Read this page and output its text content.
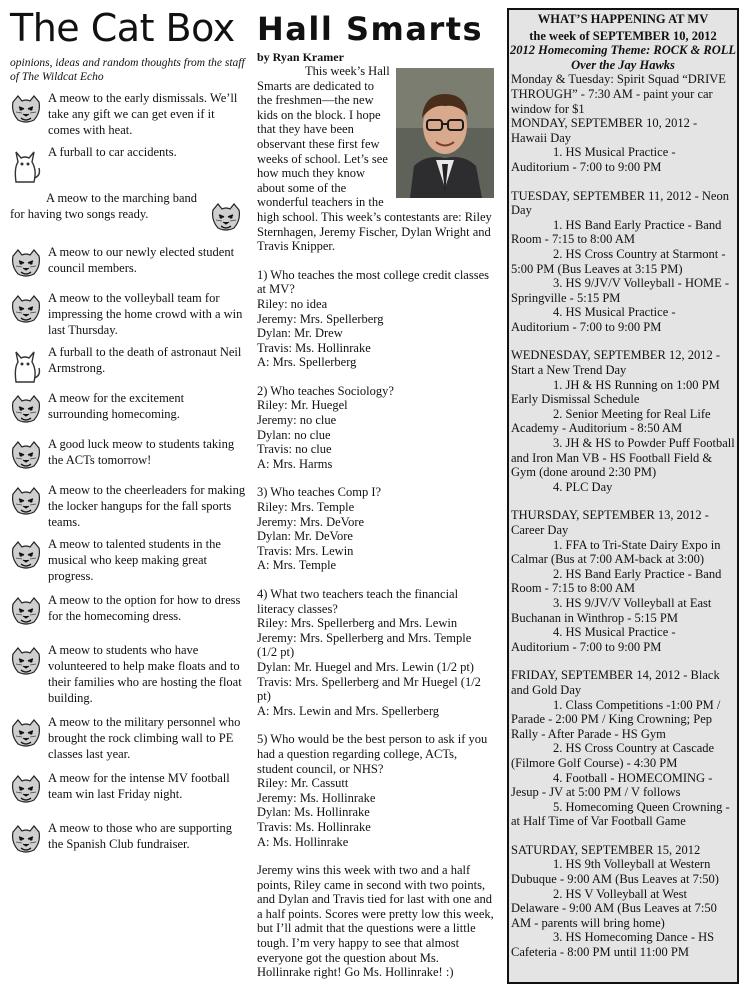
The Cat Box
opinions, ideas and random thoughts from the staff of The Wildcat Echo

A meow to the early dismissals. We’ll take any gift we can get even if it comes with heat.

A furball to car accidents.

A meow to the marching band for having two songs ready.

A meow to our newly elected student council members.

A meow to the volleyball team for impressing the home crowd with a win last Thursday.

A furball to the death of astronaut Neil Armstrong.

A meow for the excitement surrounding homecoming.

A good luck meow to students taking the ACTs tomorrow!

A meow to the cheerleaders for making the locker hangups for the fall sports teams.

A meow to talented students in the musical who keep making great progress.

A meow to the option for how to dress for the homecoming dress.

A meow to students who have volunteered to help make floats and to their families who are hosting the float building.

A meow to the military personnel who brought the rock climbing wall to PE classes last year.

A meow for the intense MV football team win last Friday night.

A meow to those who are supporting the Spanish Club fundraiser.

Hall Smarts
by Ryan Kramer

This week’s Hall Smarts are dedicated to the freshmen—the new kids on the block. I hope that they have been observant these first few weeks of school. Let’s see how much they know about some of the wonderful teachers in the high school. This week’s contestants are: Riley Sternhagen, Jeremy Fischer, Dylan Wright and Travis Knipper.

1) Who teaches the most college credit classes at MV?

Riley: no idea

Jeremy: Mrs. Spellerberg

Dylan: Mr. Drew

Travis: Ms. Hollinrake

A: Mrs. Spellerberg

2) Who teaches Sociology?

Riley: Mr. Huegel

Jeremy: no clue

Dylan: no clue

Travis: no clue

A: Mrs. Harms

3) Who teaches Comp I?

Riley: Mrs. Temple

Jeremy: Mrs. DeVore

Dylan: Mr. DeVore

Travis: Mrs. Lewin

A: Mrs. Temple

4) What two teachers teach the financial literacy classes?

Riley: Mrs. Spellerberg and Mrs. Lewin

Jeremy: Mrs. Spellerberg and Mrs. Temple (1/2 pt)

Dylan: Mr. Huegel and Mrs. Lewin (1/2 pt)

Travis: Mrs. Spellerberg and Mr Huegel (1/2 pt)

A: Mrs. Lewin and Mrs. Spellerberg

5) Who would be the best person to ask if you had a question regarding college, ACTs, student council, or NHS?

Riley: Mr. Cassutt

Jeremy: Ms. Hollinrake

Dylan: Ms. Hollinrake

Travis: Ms. Hollinrake

A: Ms. Hollinrake

Jeremy wins this week with two and a half points, Riley came in second with two points, and Dylan and Travis tied for last with one and a half points. Scores were pretty low this week, but I’ll admit that the questions were a little tough. I’m very happy to see that almost everyone got the question about Ms. Hollinrake right! Go Ms. Hollinrake! :)

WHAT’S HAPPENING AT MV
the week of SEPTEMBER 10, 2012
2012 Homecoming Theme: ROCK & ROLL Over the Jay Hawks

Monday & Tuesday: Spirit Squad “DRIVE THROUGH” - 7:30 AM - paint your car window for $1

MONDAY, SEPTEMBER 10, 2012 - Hawaii Day

1. HS Musical Practice - Auditorium - 7:00 to 9:00 PM

TUESDAY, SEPTEMBER 11, 2012 - Neon Day

1. HS Band Early Practice - Band Room - 7:15 to 8:00 AM

2. HS Cross Country at Starmont - 5:00 PM (Bus Leaves at 3:15 PM)

3. HS 9/JV/V Volleyball - HOME - Springville - 5:15 PM

4. HS Musical Practice - Auditorium - 7:00 to 9:00 PM

WEDNESDAY, SEPTEMBER 12, 2012 - Start a New Trend Day

1. JH & HS Running on 1:00 PM Early Dismissal Schedule

2. Senior Meeting for Real Life Academy - Auditorium - 8:50 AM

3. JH & HS to Powder Puff Football and Iron Man VB - HS Football Field & Gym (done around 2:30 PM)

4. PLC Day

THURSDAY, SEPTEMBER 13, 2012 - Career Day

1. FFA to Tri-State Dairy Expo in Calmar (Bus at 7:00 AM-back at 3:00)

2. HS Band Early Practice - Band Room - 7:15 to 8:00 AM

3. HS 9/JV/V Volleyball at East Buchanan in Winthrop - 5:15 PM

4. HS Musical Practice - Auditorium - 7:00 to 9:00 PM

FRIDAY, SEPTEMBER 14, 2012 - Black and Gold Day

1. Class Competitions -1:00 PM / Parade - 2:00 PM / King Crowning; Pep Rally - After Parade - HS Gym

2. HS Cross Country at Cascade (Filmore Golf Course) - 4:30 PM

4. Football - HOMECOMING - Jesup - JV at 5:00 PM / V follows

5. Homecoming Queen Crowning - at Half Time of Var Football Game

SATURDAY, SEPTEMBER 15, 2012

1. HS 9th Volleyball at Western Dubuque - 9:00 AM (Bus Leaves at 7:50)

2. HS V Volleyball at West Delaware - 9:00 AM (Bus Leaves at 7:50 AM - parents will bring home)

3. HS Homecoming Dance - HS Cafeteria - 8:00 PM until 11:00 PM
